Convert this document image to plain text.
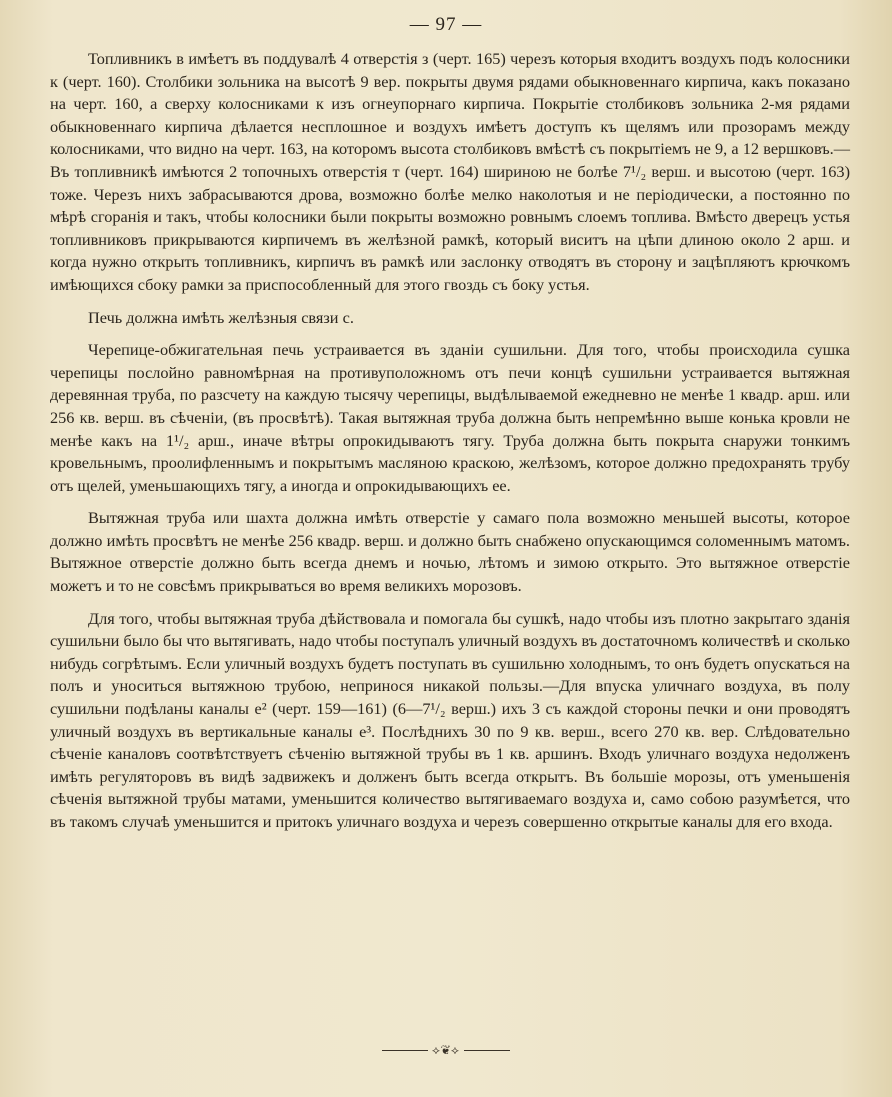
— 97 —

Топливникъ в имѣетъ въ поддувалѣ 4 отверстія з (черт. 165) черезъ которыя входитъ воздухъ подъ колосники к (черт. 160). Столбики зольника на высотѣ 9 вер. покрыты двумя рядами обыкновеннаго кирпича, какъ показано на черт. 160, а сверху колосниками к изъ огнеупорнаго кирпича. Покрытіе столбиковъ зольника 2-мя рядами обыкновеннаго кирпича дѣлается несплошное и воздухъ имѣетъ доступъ къ щелямъ или прозорамъ между колосниками, что видно на черт. 163, на которомъ высота столбиковъ вмѣстѣ съ покрытіемъ не 9, а 12 вершковъ.— Въ топливникѣ имѣются 2 топочныхъ отверстія т (черт. 164) шириною не болѣе 7¹/₂ верш. и высотою (черт. 163) тоже. Черезъ нихъ забрасываются дрова, возможно болѣе мелко наколотыя и не періодически, а постоянно по мѣрѣ сгоранія и такъ, чтобы колосники были покрыты возможно ровнымъ слоемъ топлива. Вмѣсто дверецъ устья топливниковъ прикрываются кирпичемъ въ желѣзной рамкѣ, который виситъ на цѣпи длиною около 2 арш. и когда нужно открыть топливникъ, кирпичъ въ рамкѣ или заслонку отводятъ въ сторону и зацѣпляютъ крючкомъ имѣющихся сбоку рамки за приспособленный для этого гвоздь съ боку устья.

Печь должна имѣть желѣзныя связи с.

Черепице-обжигательная печь устраивается въ зданіи сушильни. Для того, чтобы происходила сушка черепицы послойно равномѣрная на противуположномъ отъ печи концѣ сушильни устраивается вытяжная деревянная труба, по разсчету на каждую тысячу черепицы, выдѣлываемой ежедневно не менѣе 1 квадр. арш. или 256 кв. верш. въ сѣченіи, (въ просвѣтѣ). Такая вытяжная труба должна быть непремѣнно выше конька кровли не менѣе какъ на 1¹/₂ арш., иначе вѣтры опрокидываютъ тягу. Труба должна быть покрыта снаружи тонкимъ кровельнымъ, проолифленнымъ и покрытымъ масляною краскою, желѣзомъ, которое должно предохранять трубу отъ щелей, уменьшающихъ тягу, а иногда и опрокидывающихъ ее.

Вытяжная труба или шахта должна имѣть отверстіе у самаго пола возможно меньшей высоты, которое должно имѣть просвѣтъ не менѣе 256 квадр. верш. и должно быть снабжено опускающимся соломеннымъ матомъ. Вытяжное отверстіе должно быть всегда днемъ и ночью, лѣтомъ и зимою открыто. Это вытяжное отверстіе можетъ и то не совсѣмъ прикрываться во время великихъ морозовъ.

Для того, чтобы вытяжная труба дѣйствовала и помогала бы сушкѣ, надо чтобы изъ плотно закрытаго зданія сушильни было бы что вытягивать, надо чтобы поступалъ уличный воздухъ въ достаточномъ количествѣ и сколько нибудь согрѣтымъ. Если уличный воздухъ будетъ поступать въ сушильню холоднымъ, то онъ будетъ опускаться на полъ и уноситься вытяжною трубою, непринося никакой пользы.—Для впуска уличнаго воздуха, въ полу сушильни подѣланы каналы е² (черт. 159—161) (6—7¹/₂ верш.) ихъ 3 съ каждой стороны печки и они проводятъ уличный воздухъ въ вертикальные каналы е³. Послѣднихъ 30 по 9 кв. верш., всего 270 кв. вер. Слѣдовательно сѣченіе каналовъ соотвѣтствуетъ сѣченію вытяжной трубы въ 1 кв. аршинъ. Входъ уличнаго воздуха недолженъ имѣть регуляторовъ въ видѣ задвижекъ и долженъ быть всегда открытъ. Въ большіе морозы, отъ уменьшенія сѣченія вытяжной трубы матами, уменьшится количество вытягиваемаго воздуха и, само собою разумѣется, что въ такомъ случаѣ уменьшится и притокъ уличнаго воздуха и черезъ совершенно открытые каналы для его входа.

⟡❦⟡
